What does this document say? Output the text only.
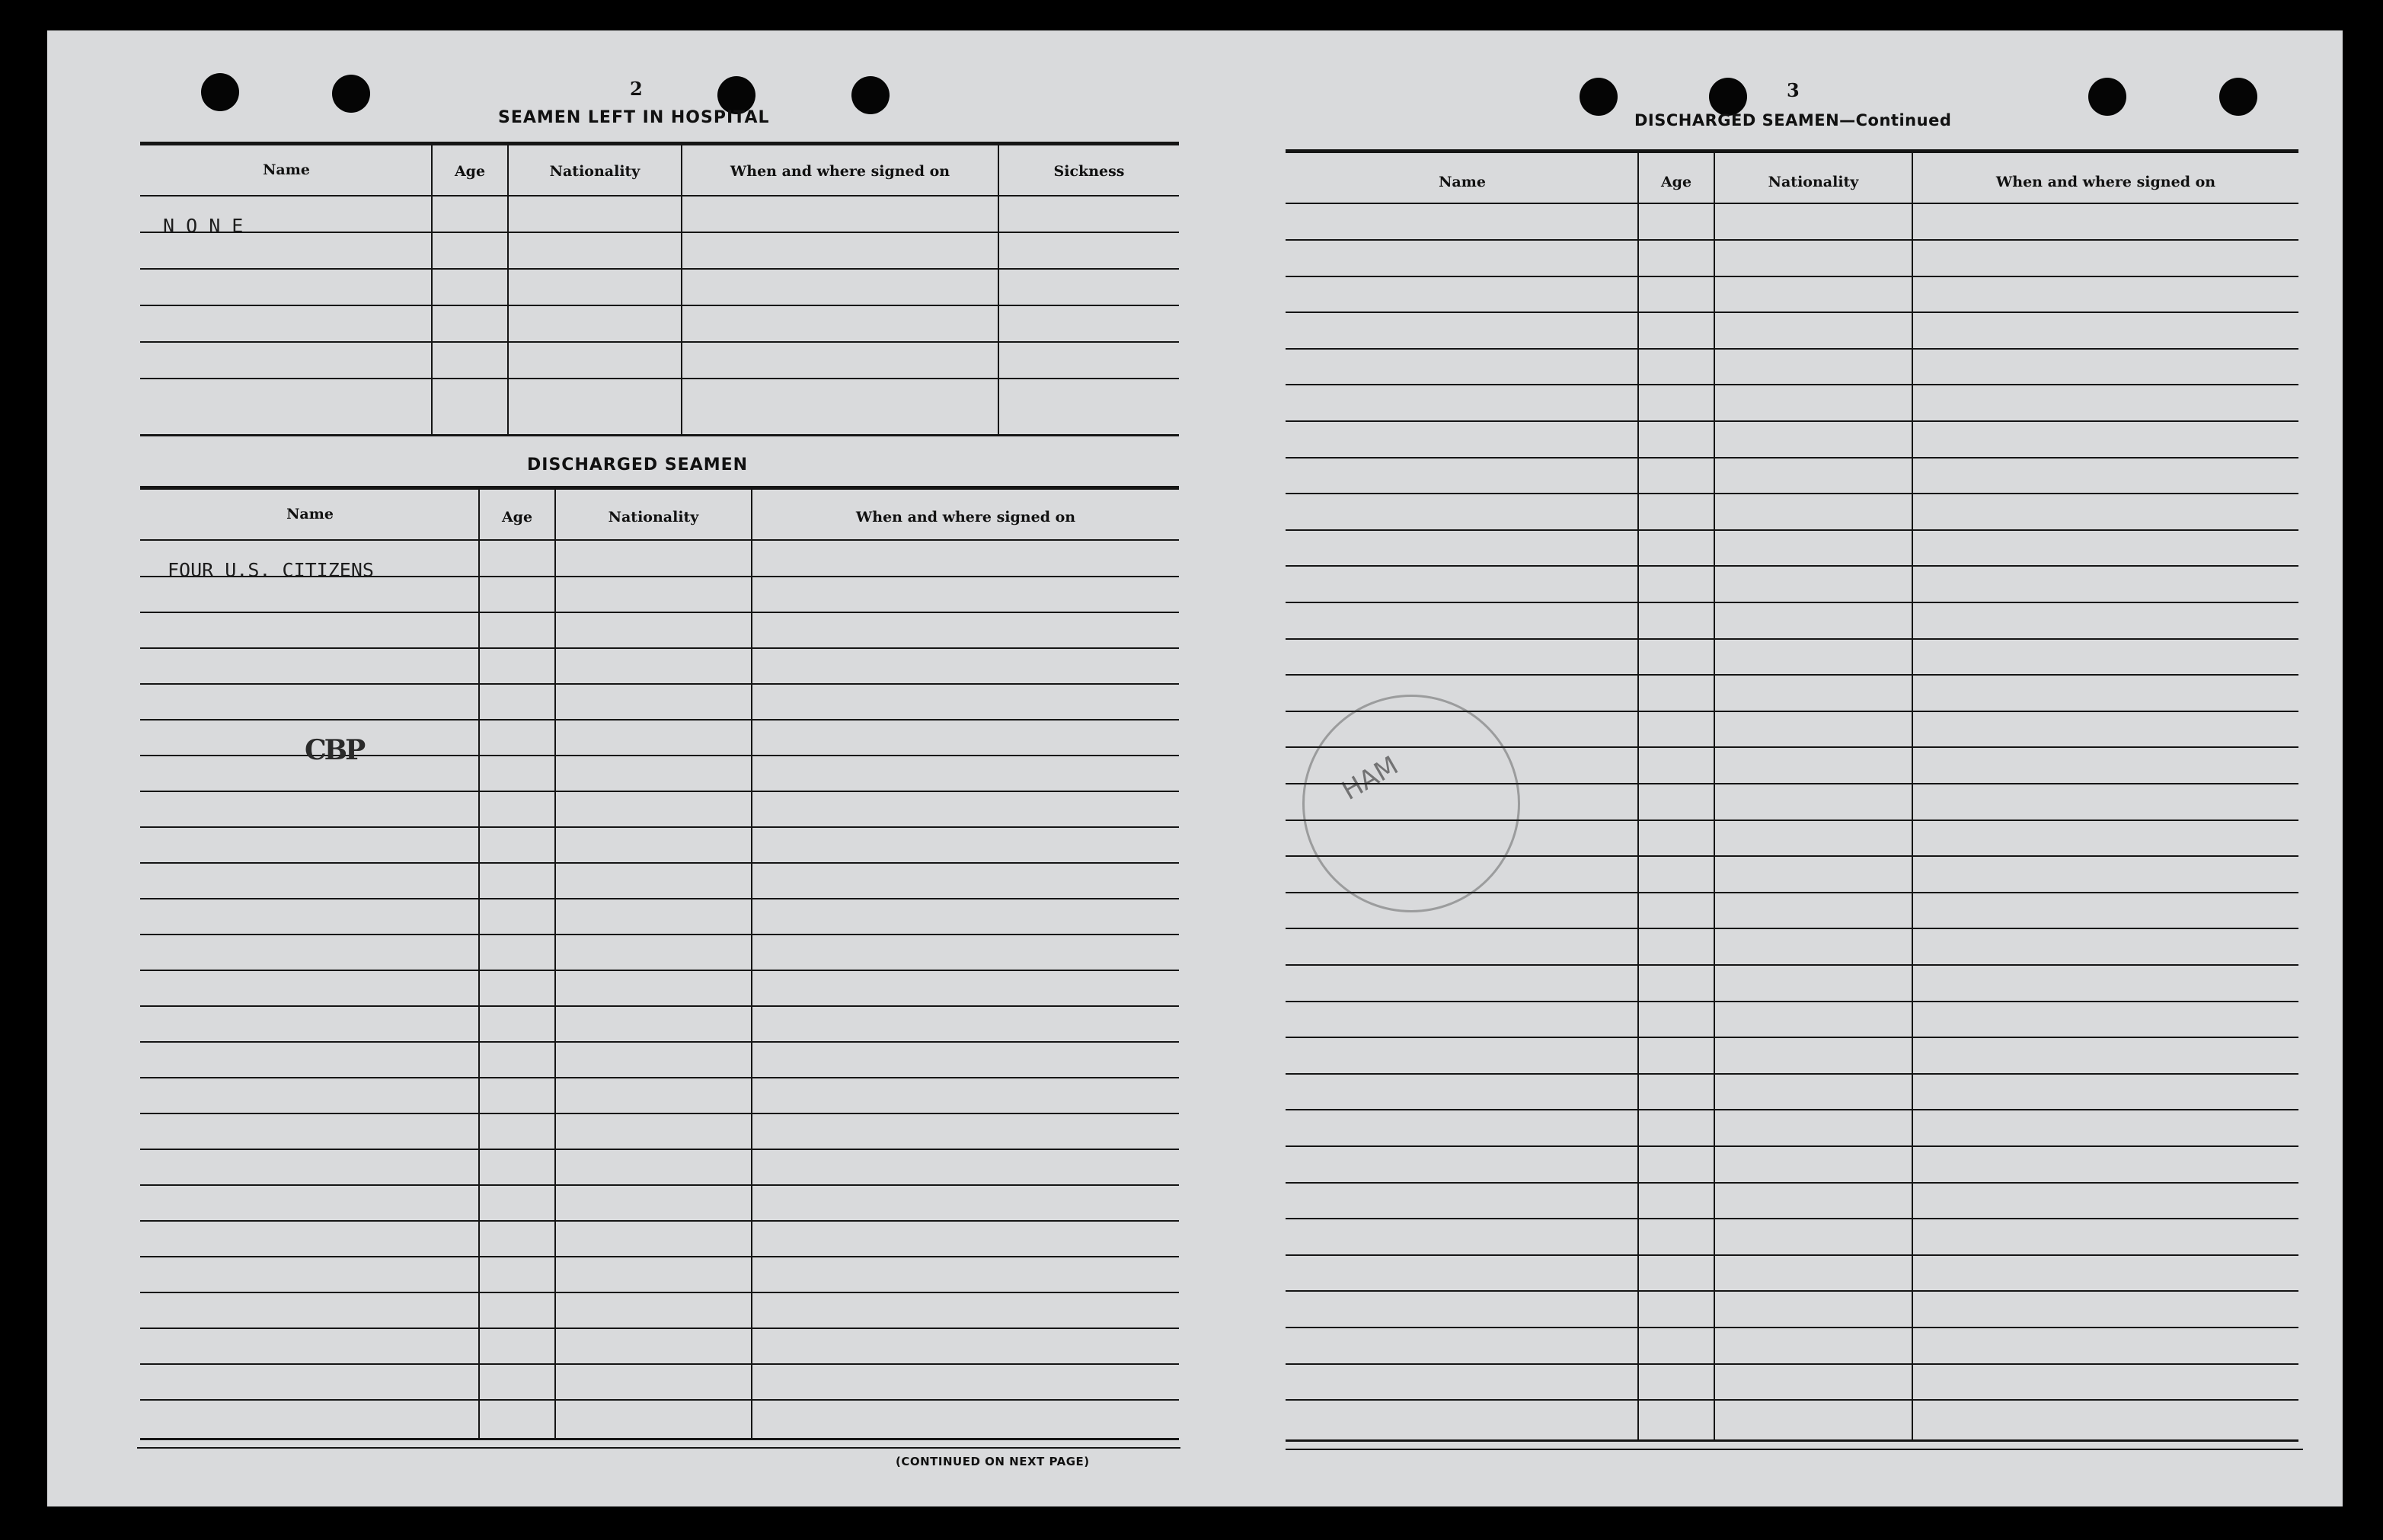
2
SEAMEN LEFT IN HOSPITAL
Name	Age	Nationality	When and where signed on	Sickness
N O N E
DISCHARGED SEAMEN
Name	Age	Nationality	When and where signed on
FOUR U.S. CITIZENS
CBP
(CONTINUED ON NEXT PAGE)
3
DISCHARGED SEAMEN—Continued
Name	Age	Nationality	When and where signed on
HAM
